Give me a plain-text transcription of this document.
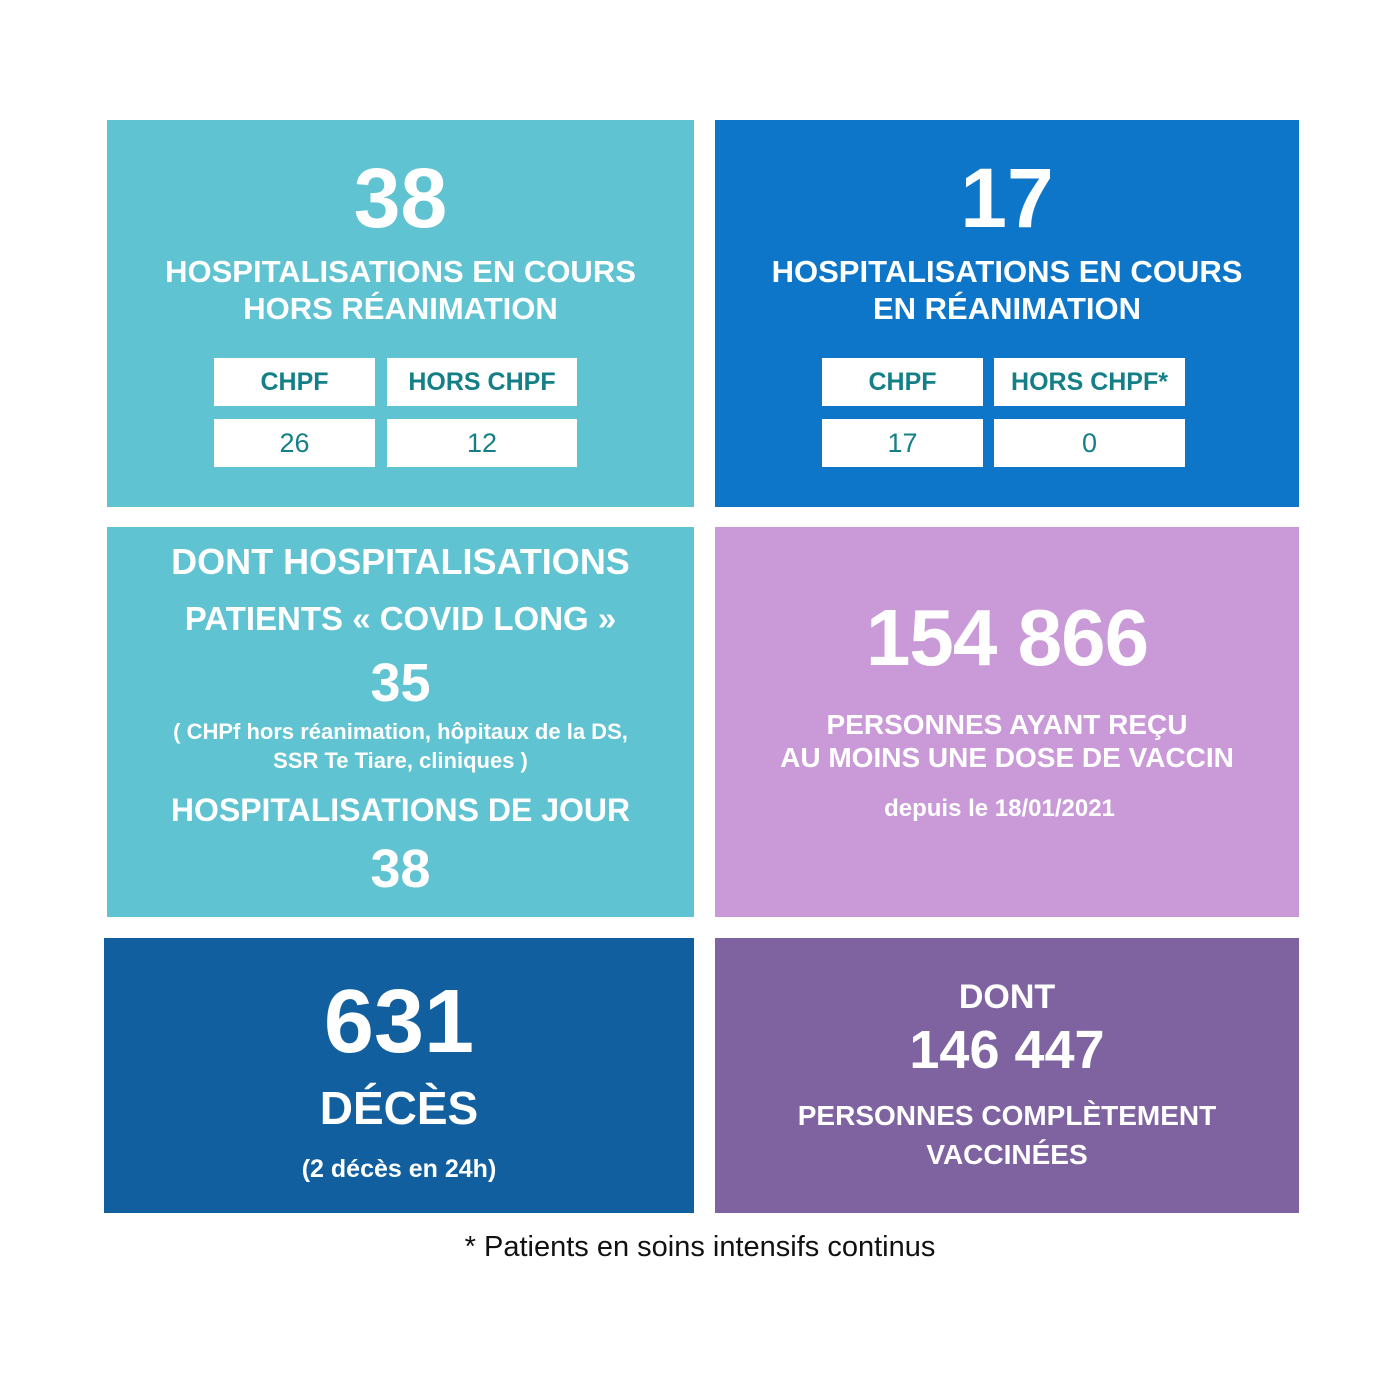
38
HOSPITALISATIONS EN COURS
HORS RÉANIMATION
CHPF	HORS CHPF
26	12
17
HOSPITALISATIONS EN COURS
EN RÉANIMATION
CHPF	HORS CHPF*
17	0
DONT HOSPITALISATIONS
PATIENTS « COVID LONG »
35
( CHPf hors réanimation, hôpitaux de la DS,
SSR Te Tiare, cliniques )
HOSPITALISATIONS DE JOUR
38
154 866
PERSONNES AYANT REÇU
AU MOINS UNE DOSE DE VACCIN
depuis le 18/01/2021
631
DÉCÈS
(2 décès en 24h)
DONT
146 447
PERSONNES COMPLÈTEMENT
VACCINÉES
* Patients en soins intensifs continus
